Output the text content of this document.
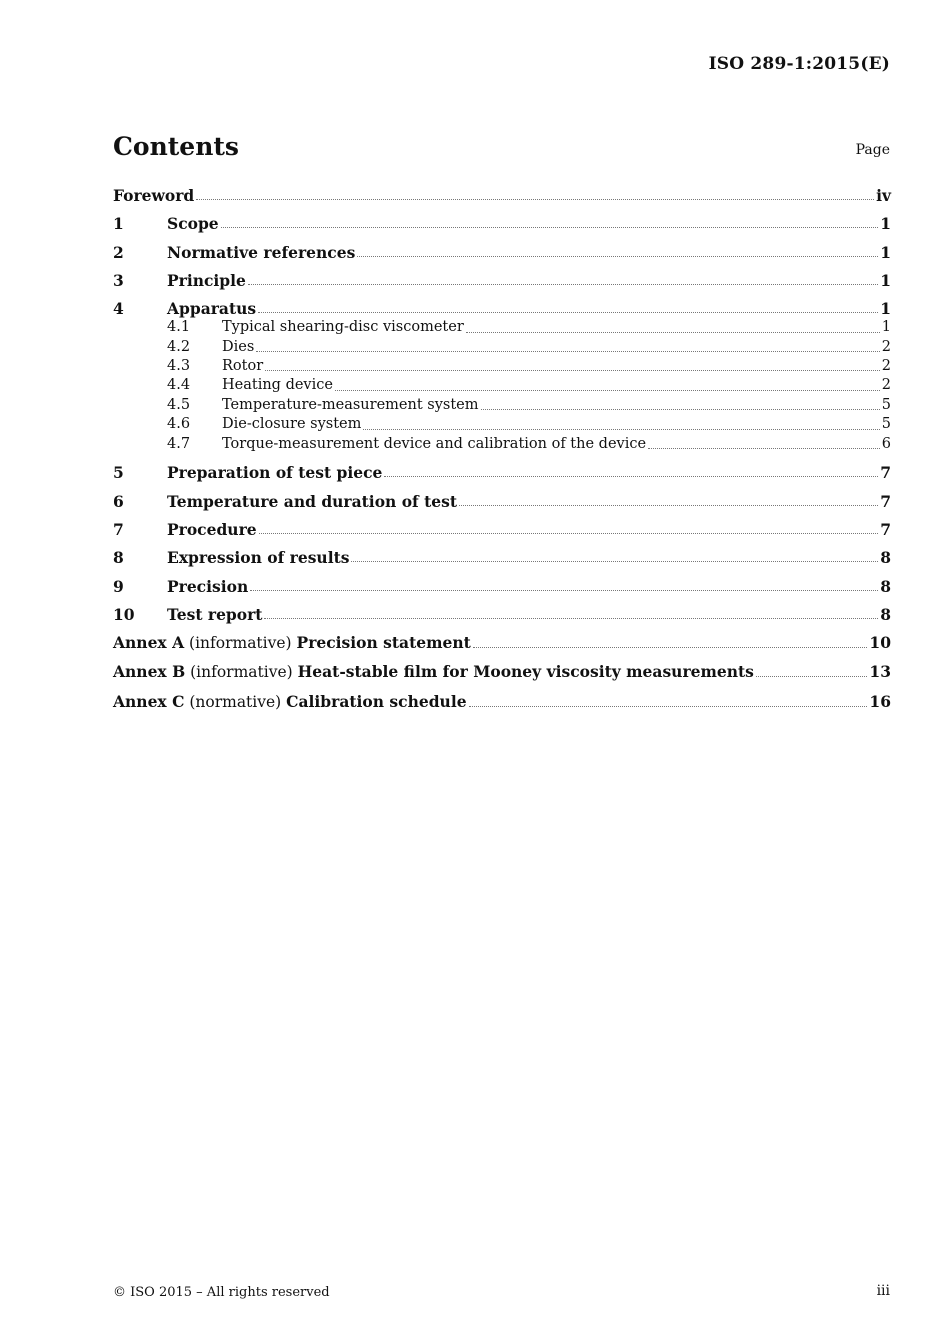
ISO 289-1:2015(E)
Contents	Page
Foreword	iv
1	Scope	1
2	Normative references	1
3	Principle	1
4	Apparatus	1
4.1	Typical shearing-disc viscometer	1
4.2	Dies	2
4.3	Rotor	2
4.4	Heating device	2
4.5	Temperature-measurement system	5
4.6	Die-closure system	5
4.7	Torque-measurement device and calibration of the device	6
5	Preparation of test piece	7
6	Temperature and duration of test	7
7	Procedure	7
8	Expression of results	8
9	Precision	8
10	Test report	8
Annex A (informative) Precision statement	10
Annex B (informative) Heat-stable film for Mooney viscosity measurements	13
Annex C (normative) Calibration schedule	16
© ISO 2015 – All rights reserved	iii
